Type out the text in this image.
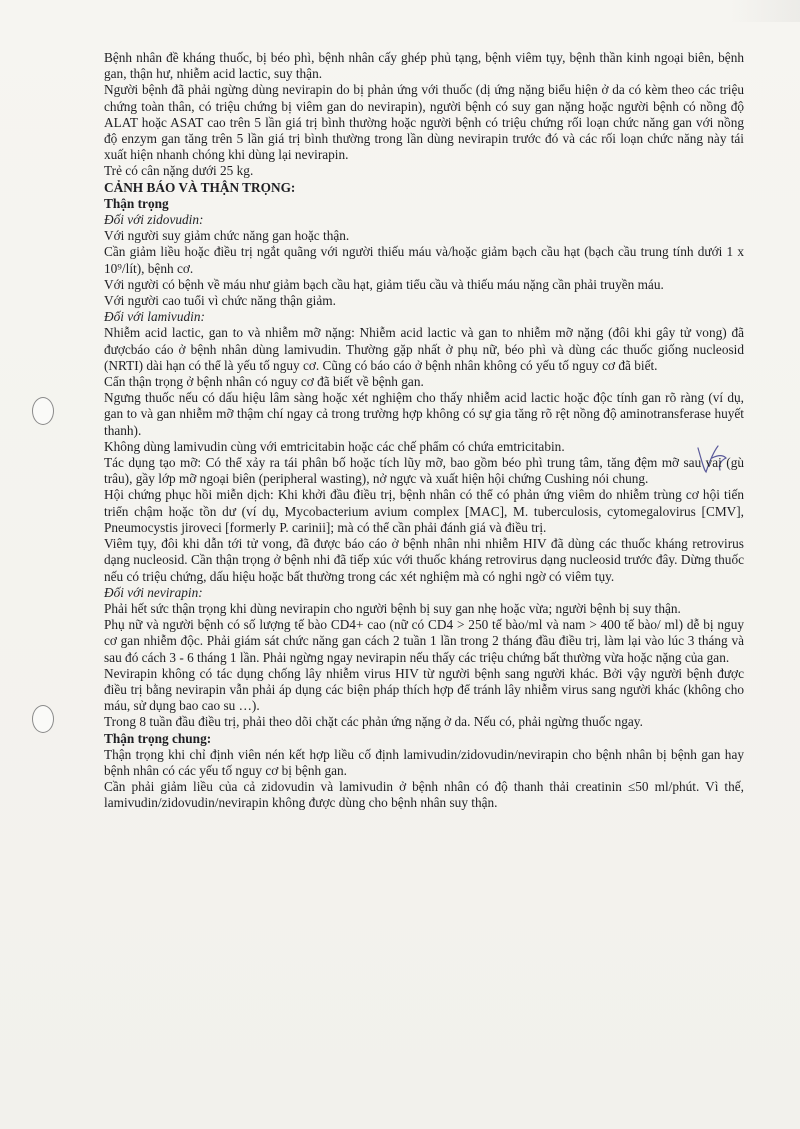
Bệnh nhân đề kháng thuốc, bị béo phì, bệnh nhân cấy ghép phủ tạng, bệnh viêm tụy, bệnh thần kinh ngoại biên, bệnh gan, thận hư, nhiễm acid lactic, suy thận.

Người bệnh đã phải ngừng dùng nevirapin do bị phản ứng với thuốc (dị ứng nặng biểu hiện ở da có kèm theo các triệu chứng toàn thân, có triệu chứng bị viêm gan do nevirapin), người bệnh có suy gan nặng hoặc người bệnh có nồng độ ALAT hoặc ASAT cao trên 5 lần giá trị bình thường hoặc người bệnh có triệu chứng rối loạn chức năng gan với nồng độ enzym gan tăng trên 5 lần giá trị bình thường trong lần dùng nevirapin trước đó và các rối loạn chức năng này tái xuất hiện nhanh chóng khi dùng lại nevirapin.

Trẻ có cân nặng dưới 25 kg.

CẢNH BÁO VÀ THẬN TRỌNG:

Thận trọng

Đối với zidovudin:

Với người suy giảm chức năng gan hoặc thận.

Cần giảm liều hoặc điều trị ngắt quãng với người thiếu máu và/hoặc giảm bạch cầu hạt (bạch cầu trung tính dưới 1 x 10⁹/lít), bệnh cơ.

Với người có bệnh về máu như giảm bạch cầu hạt, giảm tiểu cầu và thiếu máu nặng cần phải truyền máu.

Với người cao tuổi vì chức năng thận giảm.

Đối với lamivudin:

Nhiễm acid lactic, gan to và nhiễm mỡ nặng: Nhiễm acid lactic và gan to nhiễm mỡ nặng (đôi khi gây tử vong) đã đượcbáo cáo ở bệnh nhân dùng lamivudin. Thường gặp nhất ở phụ nữ, béo phì và dùng các thuốc giống nucleosid (NRTI) dài hạn có thể là yếu tố nguy cơ. Cũng có báo cáo ở bệnh nhân không có yếu tố nguy cơ đã biết.

Cẩn thận trọng ở bệnh nhân có nguy cơ đã biết về bệnh gan.

Ngưng thuốc nếu có dấu hiệu lâm sàng hoặc xét nghiệm cho thấy nhiễm acid lactic hoặc độc tính gan rõ ràng (ví dụ, gan to và gan nhiễm mỡ thậm chí ngay cả trong trường hợp không có sự gia tăng rõ rệt nồng độ aminotransferase huyết thanh).

Không dùng lamivudin cùng với emtricitabin hoặc các chế phẩm có chứa emtricitabin.

Tác dụng tạo mỡ: Có thể xảy ra tái phân bố hoặc tích lũy mỡ, bao gồm béo phì trung tâm, tăng đệm mỡ sau vai (gù trâu), gầy lớp mỡ ngoại biên (peripheral wasting), nở ngực và xuất hiện hội chứng Cushing nói chung.

Hội chứng phục hồi miễn dịch: Khi khởi đầu điều trị, bệnh nhân có thể có phản ứng viêm do nhiễm trùng cơ hội tiến triển chậm hoặc tồn dư (ví dụ, Mycobacterium avium complex [MAC], M. tuberculosis, cytomegalovirus [CMV], Pneumocystis jiroveci [formerly P. carinii]; mà có thể cần phải đánh giá và điều trị.

Viêm tụy, đôi khi dẫn tới tử vong, đã được báo cáo ở bệnh nhân nhi nhiễm HIV đã dùng các thuốc kháng retrovirus dạng nucleosid. Cần thận trọng ở bệnh nhi đã tiếp xúc với thuốc kháng retrovirus dạng nucleosid trước đây. Dừng thuốc nếu có triệu chứng, dấu hiệu hoặc bất thường trong các xét nghiệm mà có nghi ngờ có viêm tụy.

Đối với nevirapin:

Phải hết sức thận trọng khi dùng nevirapin cho người bệnh bị suy gan nhẹ hoặc vừa; người bệnh bị suy thận.

Phụ nữ và người bệnh có số lượng tế bào CD4+ cao (nữ có CD4 > 250 tế bào/ml và nam > 400 tế bào/ ml) dễ bị nguy cơ gan nhiễm độc. Phải giám sát chức năng gan cách 2 tuần 1 lần trong 2 tháng đầu điều trị, làm lại vào lúc 3 tháng và sau đó cách 3 - 6 tháng 1 lần. Phải ngừng ngay nevirapin nếu thấy các triệu chứng bất thường vừa hoặc nặng của gan.

Nevirapin không có tác dụng chống lây nhiễm virus HIV từ người bệnh sang người khác. Bởi vậy người bệnh được điều trị bằng nevirapin vẫn phải áp dụng các biện pháp thích hợp để tránh lây nhiễm virus sang người khác (không cho máu, sử dụng bao cao su …).

Trong 8 tuần đầu điều trị, phải theo dõi chặt các phản ứng nặng ở da. Nếu có, phải ngừng thuốc ngay.

Thận trọng chung:

Thận trọng khi chỉ định viên nén kết hợp liều cố định lamivudin/zidovudin/nevirapin cho bệnh nhân bị bệnh gan hay bệnh nhân có các yếu tố nguy cơ bị bệnh gan.

Cần phải giảm liều của cả zidovudin và lamivudin ở bệnh nhân có độ thanh thải creatinin ≤50 ml/phút. Vì thế, lamivudin/zidovudin/nevirapin không được dùng cho bệnh nhân suy thận.
